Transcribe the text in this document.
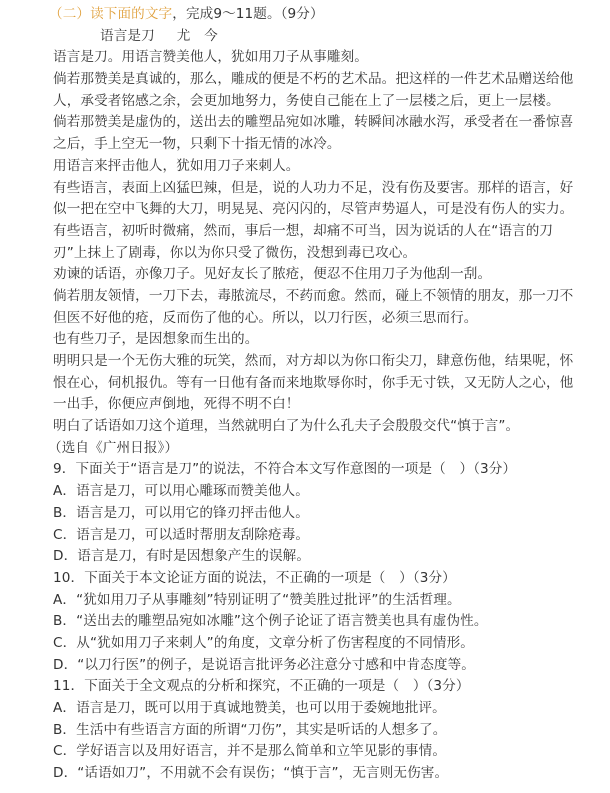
（二）读下面的文字，完成9～11题。（9分）
语言是刀 尤　今
语言是刀。用语言赞美他人，犹如用刀子从事雕刻。
倘若那赞美是真诚的，那么，雕成的便是不朽的艺术品。把这样的一件艺术品赠送给他
人，承受者铭感之余，会更加地努力，务使自己能在上了一层楼之后，更上一层楼。
倘若那赞美是虚伪的，送出去的雕塑品宛如冰雕，转瞬间冰融水泻，承受者在一番惊喜
之后，手上空无一物，只剩下十指无情的冰冷。
用语言来抨击他人，犹如用刀子来刺人。
有些语言，表面上凶猛巴辣，但是，说的人功力不足，没有伤及要害。那样的语言，好
似一把在空中飞舞的大刀，明晃晃、亮闪闪的，尽管声势逼人，可是没有伤人的实力。
有些语言，初听时微痛，然而，事后一想，却痛不可当，因为说话的人在“语言的刀
刃”上抹上了剧毒，你以为你只受了微伤，没想到毒已攻心。
劝谏的话语，亦像刀子。见好友长了脓疮，便忍不住用刀子为他刮一刮。
倘若朋友领情，一刀下去，毒脓流尽，不药而愈。然而，碰上不领情的朋友，那一刀不
但医不好他的疮，反而伤了他的心。所以，以刀行医，必须三思而行。
也有些刀子，是因想象而生出的。
明明只是一个无伤大雅的玩笑，然而，对方却以为你口衔尖刀，肆意伤他，结果呢，怀
恨在心，伺机报仇。等有一日他有备而来地欺辱你时，你手无寸铁，又无防人之心，他
一出手，你便应声倒地，死得不明不白！
明白了话语如刀这个道理，当然就明白了为什么孔夫子会殷殷交代“慎于言”。
（选自《广州日报》）
9．下面关于“语言是刀”的说法，不符合本文写作意图的一项是（　）（3分）
A．语言是刀，可以用心雕琢而赞美他人。
B．语言是刀，可以用它的锋刃抨击他人。
C．语言是刀，可以适时帮朋友刮除疮毒。
D．语言是刀，有时是因想象产生的误解。
10．下面关于本文论证方面的说法，不正确的一项是（　）（3分）
A．“犹如用刀子从事雕刻”特别证明了“赞美胜过批评”的生活哲理。
B．“送出去的雕塑品宛如冰雕”这个例子论证了语言赞美也具有虚伪性。
C．从“犹如用刀子来刺人”的角度，文章分析了伤害程度的不同情形。
D．“以刀行医”的例子，是说语言批评务必注意分寸感和中肯态度等。
11．下面关于全文观点的分析和探究，不正确的一项是（　）（3分）
A．语言是刀，既可以用于真诚地赞美，也可以用于委婉地批评。
B．生活中有些语言方面的所谓“刀伤”，其实是听话的人想多了。
C．学好语言以及用好语言，并不是那么简单和立竿见影的事情。
D．“话语如刀”，不用就不会有误伤；“慎于言”，无言则无伤害。
